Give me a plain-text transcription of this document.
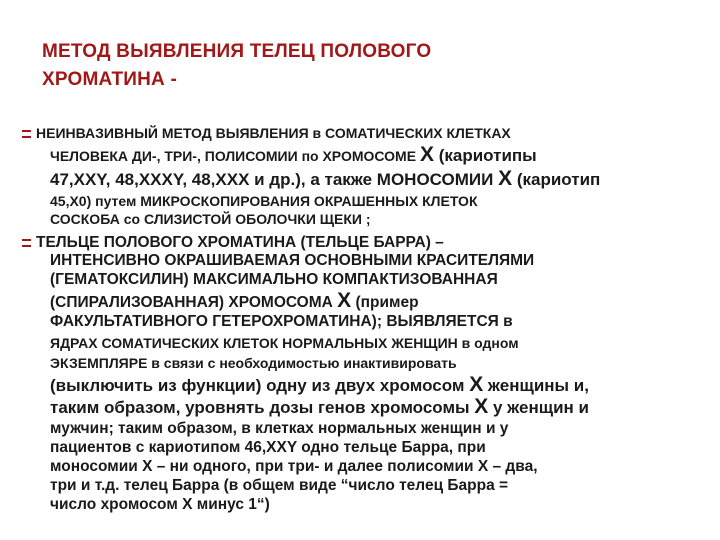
МЕТОД ВЫЯВЛЕНИЯ ТЕЛЕЦ ПОЛОВОГО
ХРОМАТИНА -
НЕИНВАЗИВНЫЙ МЕТОД ВЫЯВЛЕНИЯ в СОМАТИЧЕСКИХ КЛЕТКАХ
ЧЕЛОВЕКА ДИ-, ТРИ-, ПОЛИСОМИИ по ХРОМОСОМЕ Х (кариотипы
47,XXY, 48,XXXY, 48,XXX и др.), а также МОНОСОМИИ Х (кариотип
45,X0) путем МИКРОСКОПИРОВАНИЯ ОКРАШЕННЫХ КЛЕТОК
СОСКОБА со СЛИЗИСТОЙ ОБОЛОЧКИ ЩЕКИ ;
ТЕЛЬЦЕ ПОЛОВОГО ХРОМАТИНА (ТЕЛЬЦЕ БАРРА) –
ИНТЕНСИВНО ОКРАШИВАЕМАЯ ОСНОВНЫМИ КРАСИТЕЛЯМИ
(ГЕМАТОКСИЛИН) МАКСИМАЛЬНО КОМПАКТИЗОВАННАЯ
(СПИРАЛИЗОВАННАЯ) ХРОМОСОМА Х (пример
ФАКУЛЬТАТИВНОГО ГЕТЕРОХРОМАТИНА); ВЫЯВЛЯЕТСЯ в
ЯДРАХ СОМАТИЧЕСКИХ КЛЕТОК НОРМАЛЬНЫХ ЖЕНЩИН в одном
ЭКЗЕМПЛЯРЕ в связи с необходимостью инактивировать
(выключить из функции) одну из двух хромосом Х женщины и,
таким образом, уровнять дозы генов хромосомы Х у женщин и
мужчин; таким образом, в клетках нормальных женщин и у
пациентов с кариотипом 46,XXY одно тельце Барра, при
моносомии Х – ни одного, при три- и далее полисомии Х – два,
три и т.д. телец Барра (в общем виде “число телец Барра =
число хромосом Х минус 1“)
